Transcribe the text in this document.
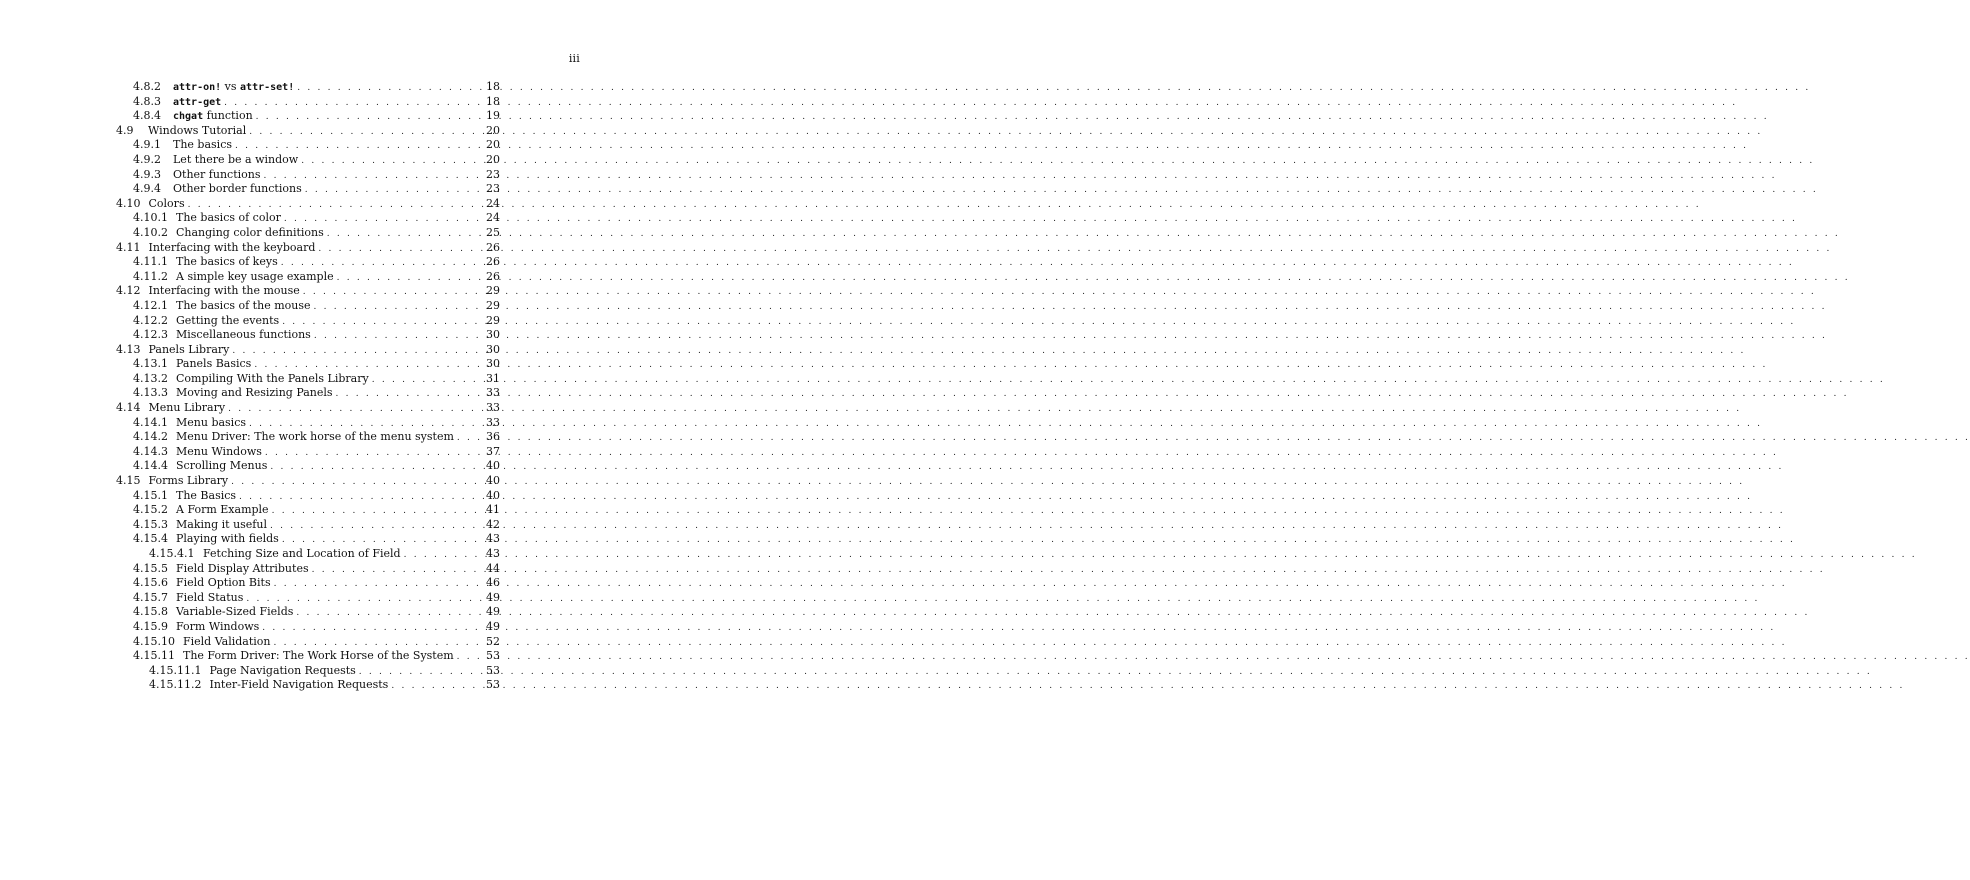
iii
4.8.2	attr-on! vs attr-set! . . .	18
4.8.3	attr-get . . .	18
4.8.4	chgat function . . .	19
4.9	Windows Tutorial . . .	20
4.9.1	The basics . . .	20
4.9.2	Let there be a window . . .	20
4.9.3	Other functions . . .	23
4.9.4	Other border functions . . .	23
4.10 Colors . . .	24
4.10.1 The basics of color . . .	24
4.10.2 Changing color definitions . . .	25
4.11 Interfacing with the keyboard . . .	26
4.11.1 The basics of keys . . .	26
4.11.2 A simple key usage example . . .	26
4.12 Interfacing with the mouse . . .	29
4.12.1 The basics of the mouse . . .	29
4.12.2 Getting the events . . .	29
4.12.3 Miscellaneous functions . . .	30
4.13 Panels Library . . .	30
4.13.1 Panels Basics . . .	30
4.13.2 Compiling With the Panels Library . . .	31
4.13.3 Moving and Resizing Panels . . .	33
4.14 Menu Library . . .	33
4.14.1 Menu basics . . .	33
4.14.2 Menu Driver: The work horse of the menu system . . .	36
4.14.3 Menu Windows . . .	37
4.14.4 Scrolling Menus . . .	40
4.15 Forms Library . . .	40
4.15.1 The Basics . . .	40
4.15.2 A Form Example . . .	41
4.15.3 Making it useful . . .	42
4.15.4 Playing with fields . . .	43
4.15.4.1 Fetching Size and Location of Field . . .	43
4.15.5 Field Display Attributes . . .	44
4.15.6 Field Option Bits . . .	46
4.15.7 Field Status . . .	49
4.15.8 Variable-Sized Fields . . .	49
4.15.9 Form Windows . . .	49
4.15.10 Field Validation . . .	52
4.15.11 The Form Driver: The Work Horse of the System . . .	53
4.15.11.1 Page Navigation Requests . . .	53
4.15.11.2 Inter-Field Navigation Requests . . .	53
